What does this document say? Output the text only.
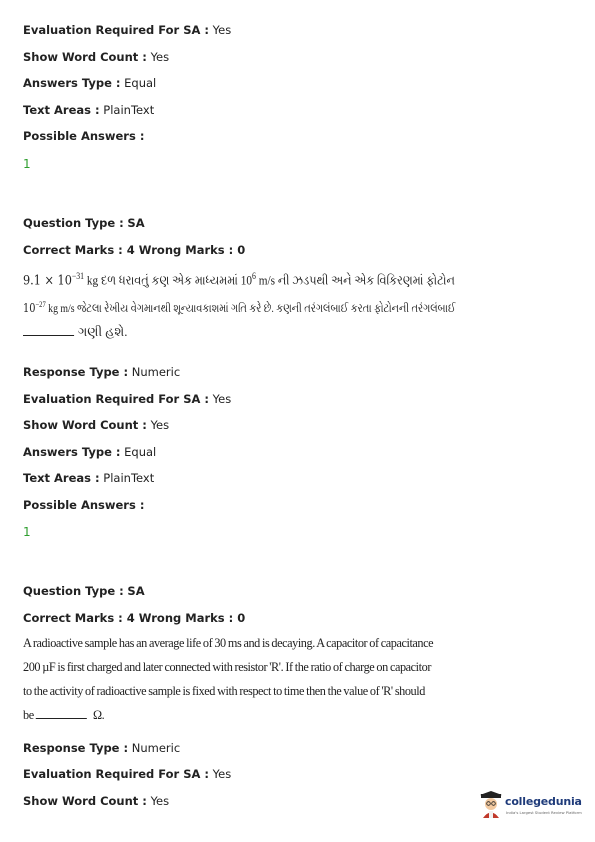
Evaluation Required For SA : Yes
Show Word Count : Yes
Answers Type : Equal
Text Areas : PlainText
Possible Answers :
1
Question Type : SA
Correct Marks : 4 Wrong Marks : 0
$9.1 \times 10^{-31}$ kg દળ ધરાવતું કણ એક માધ્યમમાં $10^6$ m/s ની ઝડપથી અને એક વિકિરણમાં ફોટોન $10^{-27}$ kg m/s જેટલા રેખીય વેગમાનથી શૂન્યાવકાશમાં ગતિ કરે છે. કણની તરંગલંબાઈ કરતા ફોટોનની તરંગલંબાઈ ગણી હશે.
Response Type : Numeric
Evaluation Required For SA : Yes
Show Word Count : Yes
Answers Type : Equal
Text Areas : PlainText
Possible Answers :
1
Question Type : SA
Correct Marks : 4 Wrong Marks : 0
A radioactive sample has an average life of 30 ms and is decaying. A capacitor of capacitance 200 µF is first charged and later connected with resistor 'R'. If the ratio of charge on capacitor to the activity of radioactive sample is fixed with respect to time then the value of 'R' should be	Ω.
Response Type : Numeric
Evaluation Required For SA : Yes
Show Word Count : Yes	collegedunia
India's Largest Student Review Platform
